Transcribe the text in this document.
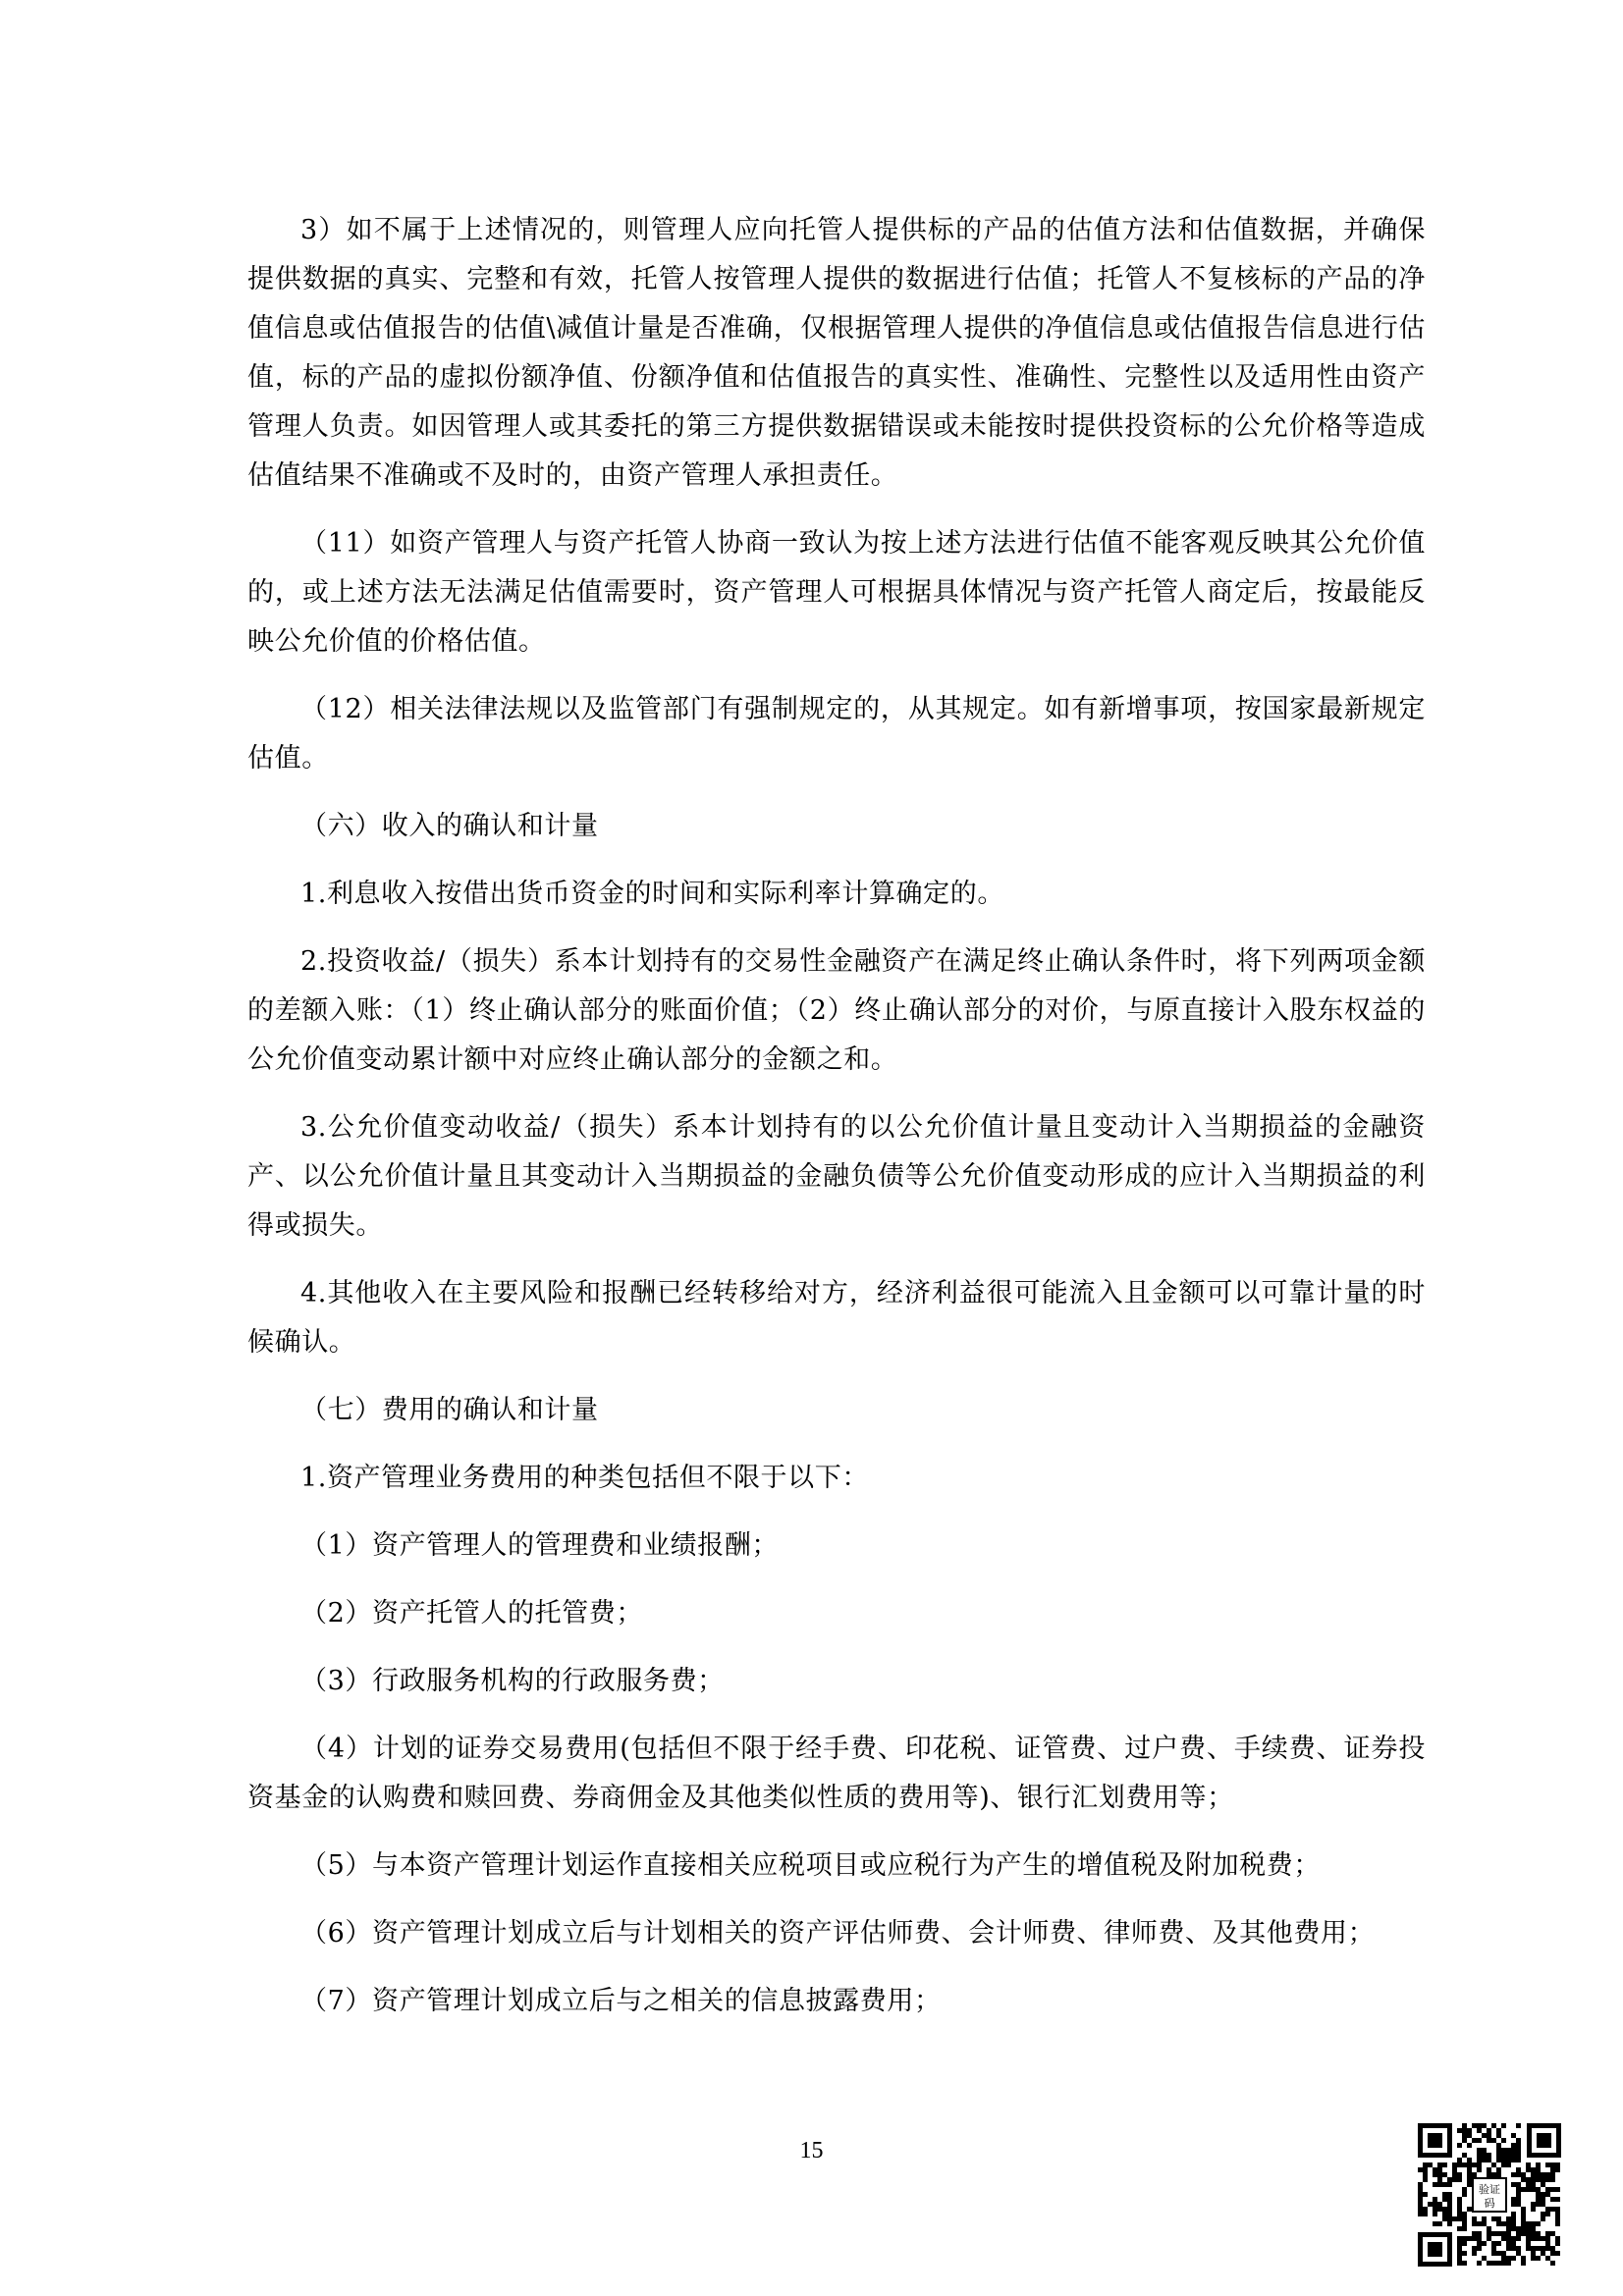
3）如不属于上述情况的，则管理人应向托管人提供标的产品的估值方法和估值数据，并确保提供数据的真实、完整和有效，托管人按管理人提供的数据进行估值；托管人不复核标的产品的净值信息或估值报告的估值\减值计量是否准确，仅根据管理人提供的净值信息或估值报告信息进行估值，标的产品的虚拟份额净值、份额净值和估值报告的真实性、准确性、完整性以及适用性由资产管理人负责。如因管理人或其委托的第三方提供数据错误或未能按时提供投资标的公允价格等造成估值结果不准确或不及时的，由资产管理人承担责任。

（11）如资产管理人与资产托管人协商一致认为按上述方法进行估值不能客观反映其公允价值的，或上述方法无法满足估值需要时，资产管理人可根据具体情况与资产托管人商定后，按最能反映公允价值的价格估值。

（12）相关法律法规以及监管部门有强制规定的，从其规定。如有新增事项，按国家最新规定估值。

（六）收入的确认和计量

1.利息收入按借出货币资金的时间和实际利率计算确定的。

2.投资收益/（损失）系本计划持有的交易性金融资产在满足终止确认条件时，将下列两项金额的差额入账：（1）终止确认部分的账面价值；（2）终止确认部分的对价，与原直接计入股东权益的公允价值变动累计额中对应终止确认部分的金额之和。

3.公允价值变动收益/（损失）系本计划持有的以公允价值计量且变动计入当期损益的金融资产、以公允价值计量且其变动计入当期损益的金融负债等公允价值变动形成的应计入当期损益的利得或损失。

4.其他收入在主要风险和报酬已经转移给对方，经济利益很可能流入且金额可以可靠计量的时候确认。

（七）费用的确认和计量

1.资产管理业务费用的种类包括但不限于以下：

（1）资产管理人的管理费和业绩报酬；

（2）资产托管人的托管费；

（3）行政服务机构的行政服务费；

（4）计划的证券交易费用(包括但不限于经手费、印花税、证管费、过户费、手续费、证券投资基金的认购费和赎回费、券商佣金及其他类似性质的费用等)、银行汇划费用等；

（5）与本资产管理计划运作直接相关应税项目或应税行为产生的增值税及附加税费；

（6）资产管理计划成立后与计划相关的资产评估师费、会计师费、律师费、及其他费用；

（7）资产管理计划成立后与之相关的信息披露费用；

15
验证
码
